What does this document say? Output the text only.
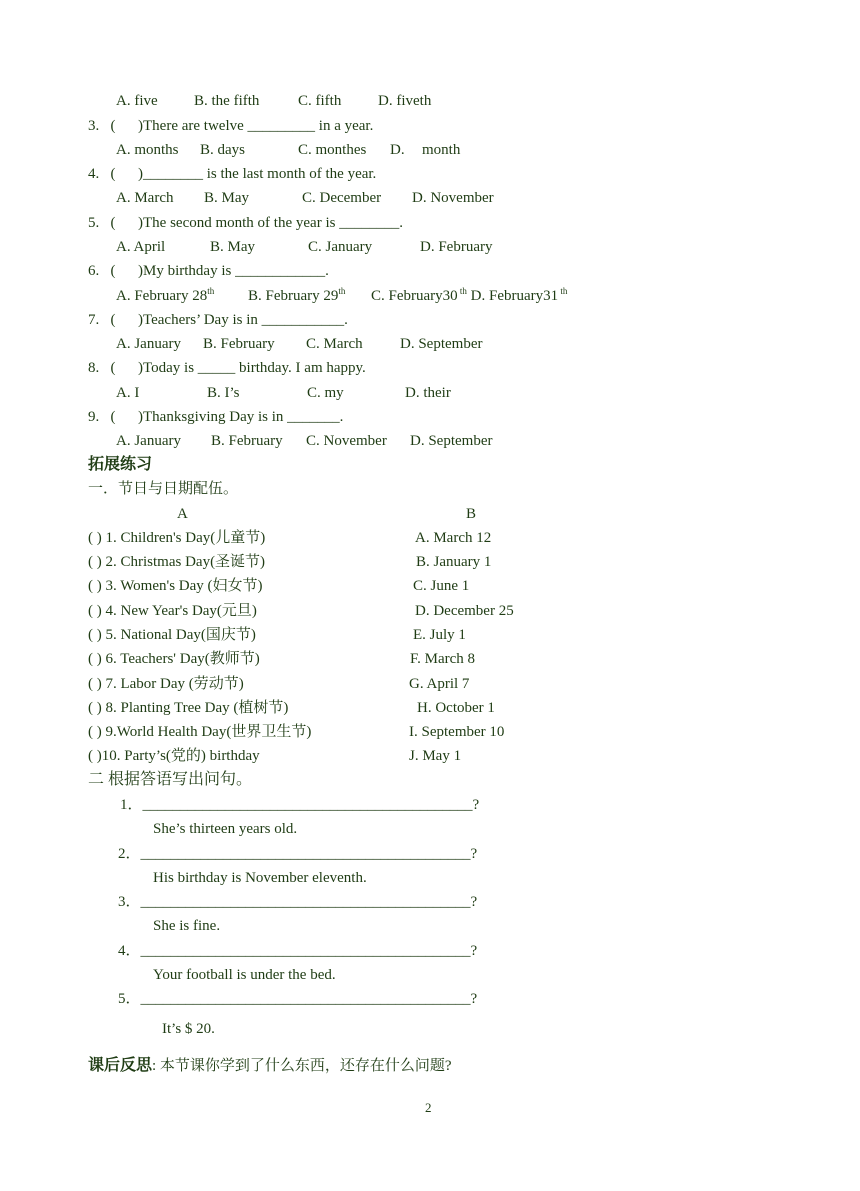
A. five B. the fifth	C. fifth D. fiveth
3. ( )There are twelve _________ in a year.
A. months B. days	C. monthes D. month
4. ( )________ is the last month of the year.
A. March B. May	C. December D. November
5. ( )The second month of the year is ________.
A. April	B. May	C. January	D. February
6. ( )My birthday is ____________.
A. February 28th B. February 29th C. February30 $^{th}$ D. February31 $^{th}$
7. ( )Teachers’ Day is in ___________.
A. January B. February C. March D. September
8. ( )Today is _____ birthday. I am happy.
A. I	B. I’s	C. my	D. their
9. ( )Thanksgiving Day is in _______.
A. January B. February C. November D. September
拓展练习
一．节日与日期配伍。
A	B
( ) 1. Children's Day(儿童节)	A. March 12
( ) 2. Christmas Day(圣诞节)	B. January 1
( ) 3. Women's Day (妇女节)	C. June 1
( ) 4. New Year's Day(元旦)	D. December 25
( ) 5. National Day(国庆节)	E. July 1
( ) 6. Teachers' Day(教师节)	F. March 8
( ) 7. Labor Day (劳动节)	G. April 7
( ) 8. Planting Tree Day (植树节)	H. October 1
( ) 9.World Health Day(世界卫生节)	I. September 10
( )10. Party’s(党的) birthday	J. May 1
二 根据答语写出问句。
1．____________________________________________?
She’s thirteen years old.
2．____________________________________________?
His birthday is November eleventh.
3．____________________________________________?
She is fine.
4．____________________________________________?
Your football is under the bed.
5．____________________________________________?
It’s $ 20.
课后反思: 本节课你学到了什么东西，还存在什么问题?
2
